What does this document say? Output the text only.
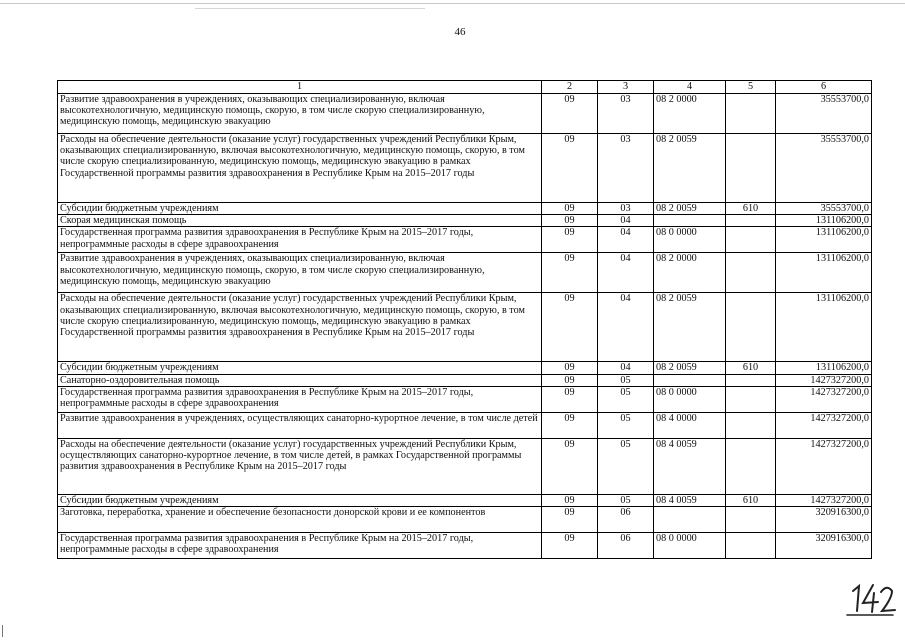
46
1	2	3	4	5	6
Развитие здравоохранения в учреждениях, оказывающих специализированную, включая высокотехнологичную, медицинскую помощь, скорую, в том числе скорую специализированную, медицинскую помощь, медицинскую эвакуацию	09	03	08 2 0000		35553700,0
Расходы на обеспечение деятельности (оказание услуг) государственных учреждений Республики Крым, оказывающих специализированную, включая высокотехнологичную, медицинскую помощь, скорую, в том числе скорую специализированную, медицинскую помощь, медицинскую эвакуацию в рамках Государственной программы развития здравоохранения в Республике Крым на 2015–2017 годы	09	03	08 2 0059		35553700,0
Субсидии бюджетным учреждениям	09	03	08 2 0059	610	35553700,0
Скорая медицинская помощь	09	04			131106200,0
Государственная программа развития здравоохранения в Республике Крым на 2015–2017 годы, непрограммные расходы в сфере здравоохранения	09	04	08 0 0000		131106200,0
Развитие здравоохранения в учреждениях, оказывающих специализированную, включая высокотехнологичную, медицинскую помощь, скорую, в том числе скорую специализированную, медицинскую помощь, медицинскую эвакуацию	09	04	08 2 0000		131106200,0
Расходы на обеспечение деятельности (оказание услуг) государственных учреждений Республики Крым, оказывающих специализированную, включая высокотехнологичную, медицинскую помощь, скорую, в том числе скорую специализированную, медицинскую помощь, медицинскую эвакуацию в рамках Государственной программы развития здравоохранения в Республике Крым на 2015–2017 годы	09	04	08 2 0059		131106200,0
Субсидии бюджетным учреждениям	09	04	08 2 0059	610	131106200,0
Санаторно-оздоровительная помощь	09	05			1427327200,0
Государственная программа развития здравоохранения в Республике Крым на 2015–2017 годы, непрограммные расходы в сфере здравоохранения	09	05	08 0 0000		1427327200,0
Развитие здравоохранения в учреждениях, осуществляющих санаторно-курортное лечение, в том числе детей	09	05	08 4 0000		1427327200,0
Расходы на обеспечение деятельности (оказание услуг) государственных учреждений Республики Крым, осуществляющих санаторно-курортное лечение, в том числе детей, в рамках Государственной программы развития здравоохранения в Республике Крым на 2015–2017 годы	09	05	08 4 0059		1427327200,0
Субсидии бюджетным учреждениям	09	05	08 4 0059	610	1427327200,0
Заготовка, переработка, хранение и обеспечение безопасности донорской крови и ее компонентов	09	06			320916300,0
Государственная программа развития здравоохранения в Республике Крым на 2015–2017 годы, непрограммные расходы в сфере здравоохранения	09	06	08 0 0000		320916300,0
